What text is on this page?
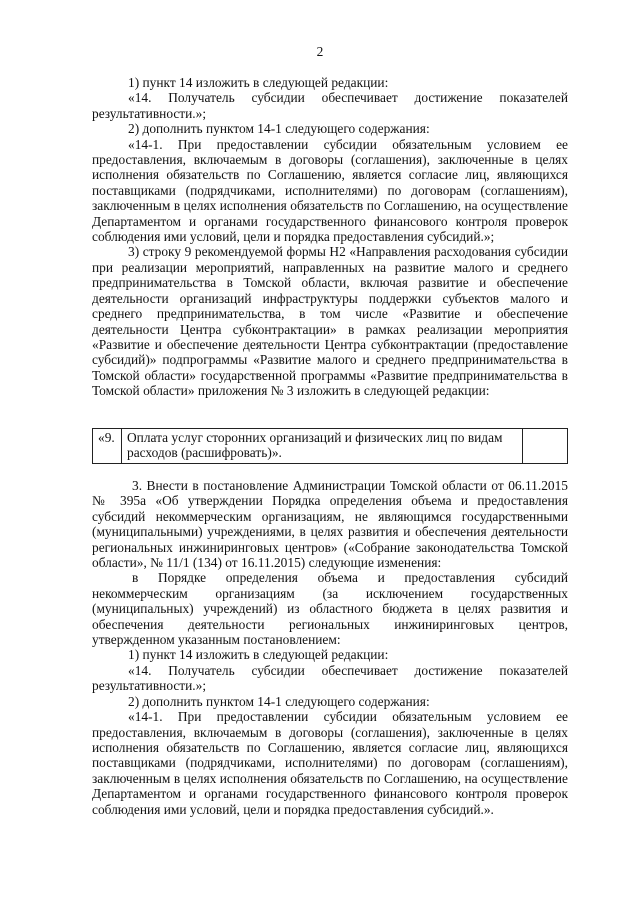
2

1) пункт 14 изложить в следующей редакции:

«14. Получатель субсидии обеспечивает достижение показателей

результативности.»;

2) дополнить пунктом 14-1 следующего содержания:

«14-1. При предоставлении субсидии обязательным условием ее предоставления, включаемым в договоры (соглашения), заключенные в целях исполнения обязательств по Соглашению, является согласие лиц, являющихся поставщиками (подрядчиками, исполнителями) по договорам (соглашениям), заключенным в целях исполнения обязательств по Соглашению, на осуществление Департаментом и органами государственного финансового контроля проверок соблюдения ими условий, цели и порядка предоставления субсидий.»;

3) строку 9 рекомендуемой формы Н2 «Направления расходования субсидии при реализации мероприятий, направленных на развитие малого и среднего предпринимательства в Томской области, включая развитие и обеспечение деятельности организаций инфраструктуры поддержки субъектов малого и среднего предпринимательства, в том числе «Развитие и обеспечение деятельности Центра субконтрактации» в рамках реализации мероприятия «Развитие и обеспечение деятельности Центра субконтрактации (предоставление субсидий)» подпрограммы «Развитие малого и среднего предпринимательства в Томской области» государственной программы «Развитие предпринимательства в Томской области» приложения № 3 изложить в следующей редакции:

«9.	Оплата услуг сторонних организаций и физических лиц по видам расходов (расшифровать)».	

3. Внести в постановление Администрации Томской области от 06.11.2015 № 395а «Об утверждении Порядка определения объема и предоставления субсидий некоммерческим организациям, не являющимся государственными (муниципальными) учреждениями, в целях развития и обеспечения деятельности региональных инжиниринговых центров» («Собрание законодательства Томской области», № 11/1 (134) от 16.11.2015) следующие изменения:

в Порядке определения объема и предоставления субсидий некоммерческим организациям (за исключением государственных (муниципальных) учреждений) из областного бюджета в целях развития и обеспечения деятельности региональных инжиниринговых центров, утвержденном указанным постановлением:

1) пункт 14 изложить в следующей редакции:

«14. Получатель субсидии обеспечивает достижение показателей

результативности.»;

2) дополнить пунктом 14-1 следующего содержания:

«14-1. При предоставлении субсидии обязательным условием ее предоставления, включаемым в договоры (соглашения), заключенные в целях исполнения обязательств по Соглашению, является согласие лиц, являющихся поставщиками (подрядчиками, исполнителями) по договорам (соглашениям), заключенным в целях исполнения обязательств по Соглашению, на осуществление Департаментом и органами государственного финансового контроля проверок соблюдения ими условий, цели и порядка предоставления субсидий.».
